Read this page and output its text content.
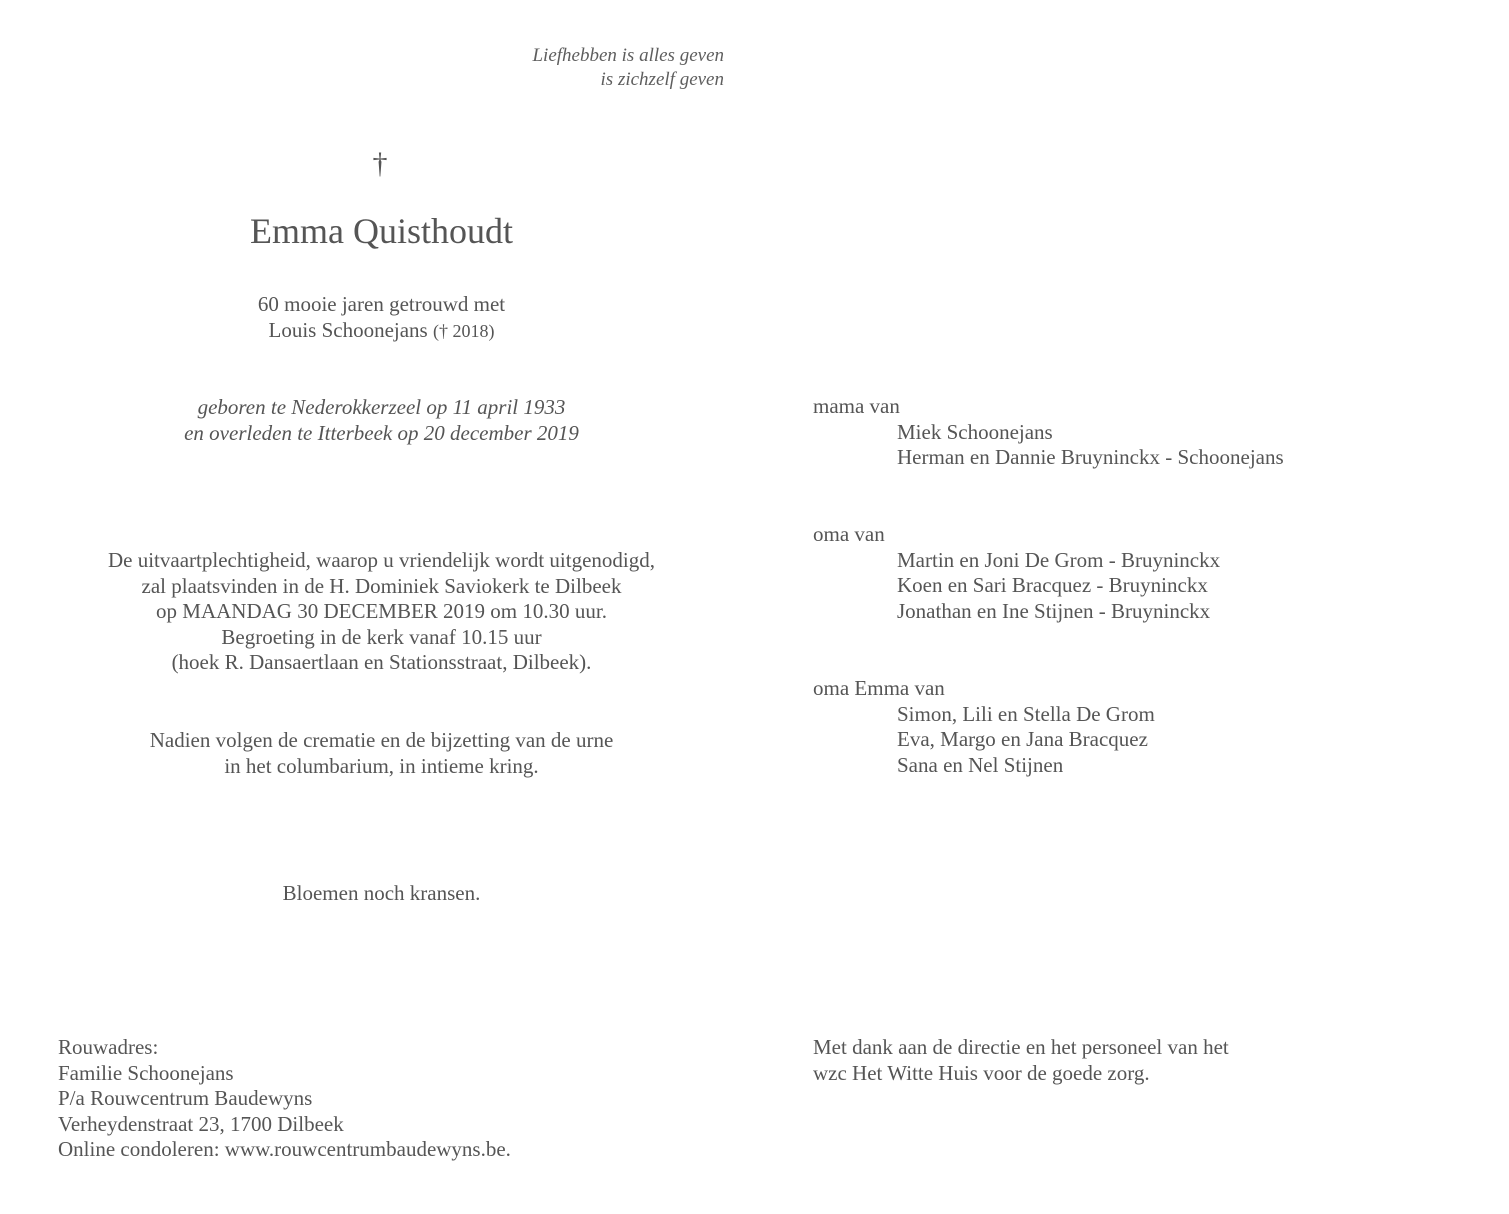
Liefhebben is alles geven
is zichzelf geven
†
Emma Quisthoudt
60 mooie jaren getrouwd met
Louis Schoonejans († 2018)
geboren te Nederokkerzeel op 11 april 1933
en overleden te Itterbeek op 20 december 2019
De uitvaartplechtigheid, waarop u vriendelijk wordt uitgenodigd,
zal plaatsvinden in de H. Dominiek Saviokerk te Dilbeek
op MAANDAG 30 DECEMBER 2019 om 10.30 uur.
Begroeting in de kerk vanaf 10.15 uur
(hoek R. Dansaertlaan en Stationsstraat, Dilbeek).
Nadien volgen de crematie en de bijzetting van de urne
in het columbarium, in intieme kring.
Bloemen noch kransen.
mama van
Miek Schoonejans
Herman en Dannie Bruyninckx - Schoonejans
oma van
Martin en Joni De Grom - Bruyninckx
Koen en Sari Bracquez - Bruyninckx
Jonathan en Ine Stijnen - Bruyninckx
oma Emma van
Simon, Lili en Stella De Grom
Eva, Margo en Jana Bracquez
Sana en Nel Stijnen
Rouwadres:
Familie Schoonejans
P/a Rouwcentrum Baudewyns
Verheydenstraat 23, 1700 Dilbeek
Online condoleren: www.rouwcentrumbaudewyns.be.
Met dank aan de directie en het personeel van het
wzc Het Witte Huis voor de goede zorg.
